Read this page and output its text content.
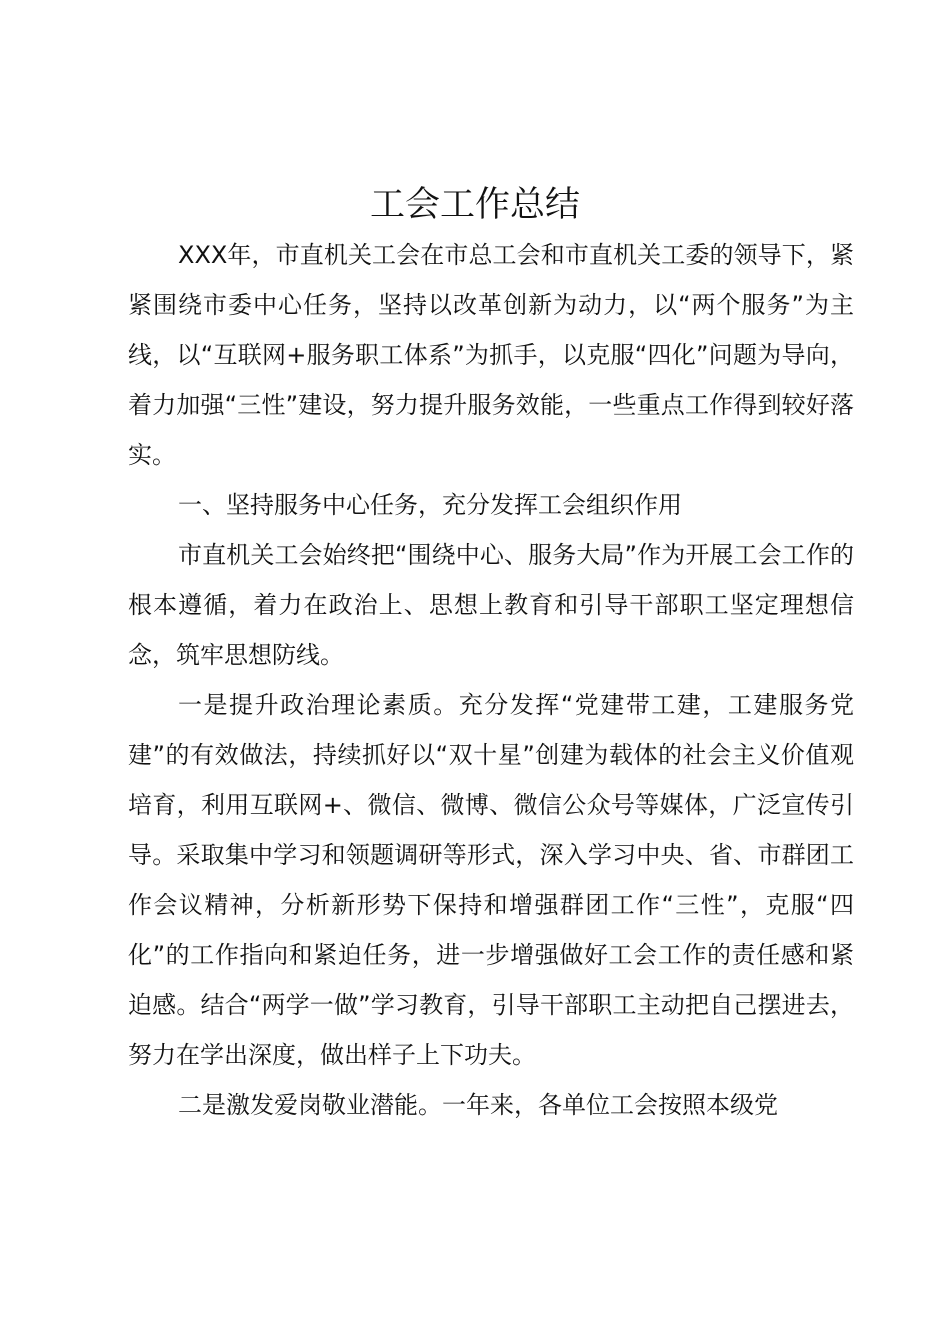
工会工作总结

XXX年，市直机关工会在市总工会和市直机关工委的领导下，紧紧围绕市委中心任务，坚持以改革创新为动力，以“两个服务”为主线，以“互联网+服务职工体系”为抓手，以克服“四化”问题为导向，着力加强“三性”建设，努力提升服务效能，一些重点工作得到较好落实。

一、坚持服务中心任务，充分发挥工会组织作用

市直机关工会始终把“围绕中心、服务大局”作为开展工会工作的根本遵循，着力在政治上、思想上教育和引导干部职工坚定理想信念，筑牢思想防线。

一是提升政治理论素质。充分发挥“党建带工建，工建服务党建”的有效做法，持续抓好以“双十星”创建为载体的社会主义价值观培育，利用互联网+、微信、微博、微信公众号等媒体，广泛宣传引导。采取集中学习和领题调研等形式，深入学习中央、省、市群团工作会议精神，分析新形势下保持和增强群团工作“三性”，克服“四化”的工作指向和紧迫任务，进一步增强做好工会工作的责任感和紧迫感。结合“两学一做”学习教育，引导干部职工主动把自己摆进去，努力在学出深度，做出样子上下功夫。

二是激发爱岗敬业潜能。一年来，各单位工会按照本级党
